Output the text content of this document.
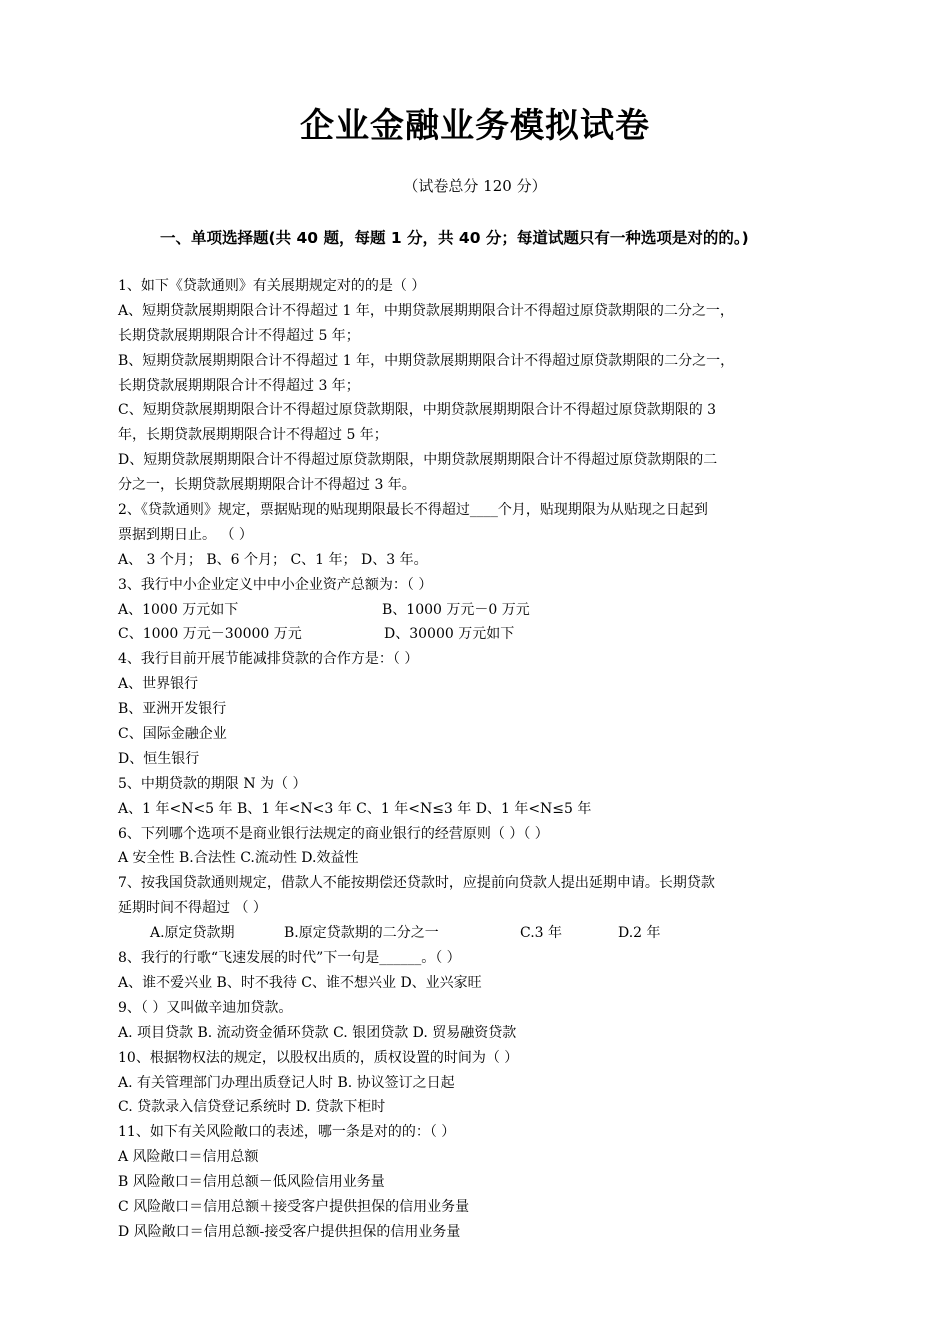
企业金融业务模拟试卷
（试卷总分 120 分）
一、单项选择题(共 40 题，每题 1 分，共 40 分；每道试题只有一种选项是对的的。)
1、如下《贷款通则》有关展期规定对的的是（ ）
A、短期贷款展期期限合计不得超过 1 年，中期贷款展期期限合计不得超过原贷款期限的二分之一，
长期贷款展期期限合计不得超过 5 年；
B、短期贷款展期期限合计不得超过 1 年，中期贷款展期期限合计不得超过原贷款期限的二分之一，
长期贷款展期期限合计不得超过 3 年；
C、短期贷款展期期限合计不得超过原贷款期限，中期贷款展期期限合计不得超过原贷款期限的 3
年，长期贷款展期期限合计不得超过 5 年；
D、短期贷款展期期限合计不得超过原贷款期限，中期贷款展期期限合计不得超过原贷款期限的二
分之一，长期贷款展期期限合计不得超过 3 年。
2、《贷款通则》规定，票据贴现的贴现期限最长不得超过____个月，贴现期限为从贴现之日起到
票据到期日止。 （ ）
A、 3 个月； B、6 个月； C、1 年； D、3 年。
3、我行中小企业定义中中小企业资产总额为：（ ）
A、1000 万元如下	B、1000 万元－0 万元
C、1000 万元－30000 万元	D、30000 万元如下
4、我行目前开展节能减排贷款的合作方是：（ ）
A、世界银行
B、亚洲开发银行
C、国际金融企业
D、恒生银行
5、中期贷款的期限 N 为（ ）
A、1 年<N<5 年 B、1 年<N<3 年 C、1 年<N≤3 年 D、1 年<N≤5 年
6、下列哪个选项不是商业银行法规定的商业银行的经营原则（ ）（ ）
A 安全性 B.合法性 C.流动性 D.效益性
7、按我国贷款通则规定，借款人不能按期偿还贷款时，应提前向贷款人提出延期申请。长期贷款
延期时间不得超过 （ ）
A.原定贷款期	B.原定贷款期的二分之一	C.3 年	D.2 年
8、我行的行歌“飞速发展的时代”下一句是______。（ ）
A、谁不爱兴业 B、时不我待 C、谁不想兴业 D、业兴家旺
9、（ ）又叫做辛迪加贷款。
A. 项目贷款 B. 流动资金循环贷款 C. 银团贷款 D. 贸易融资贷款
10、根据物权法的规定，以股权出质的，质权设置的时间为（ ）
A. 有关管理部门办理出质登记人时 B. 协议签订之日起
C. 贷款录入信贷登记系统时 D. 贷款下柜时
11、如下有关风险敞口的表述，哪一条是对的的：（ ）
A 风险敞口＝信用总额
B 风险敞口＝信用总额－低风险信用业务量
C 风险敞口＝信用总额＋接受客户提供担保的信用业务量
D 风险敞口＝信用总额-接受客户提供担保的信用业务量
